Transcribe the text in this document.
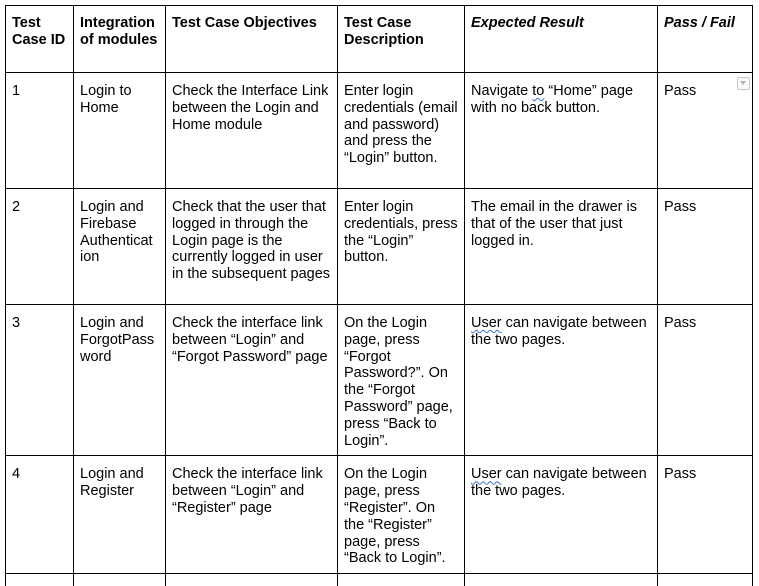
Test Case ID	Integration of modules	Test Case Objectives	Test Case Description	Expected Result	Pass / Fail
1	Login to Home	Check the Interface Link between the Login and Home module	Enter login credentials (email and password) and press the “Login” button.	Navigate to “Home” page with no back button.	Pass

2	Login and Firebase Authenticat ion	Check that the user that logged in through the Login page is the currently logged in user in the subsequent pages	Enter login credentials, press the “Login” button.	The email in the drawer is that of the user that just logged in.	Pass
3	Login and ForgotPass word	Check the interface link between “Login” and “Forgot Password” page	On the Login page, press “Forgot Password?”. On the “Forgot Password” page, press “Back to Login”.	User can navigate between the two pages.	Pass
4	Login and Register	Check the interface link between “Login” and “Register” page	On the Login page, press “Register”. On the “Register” page, press “Back to Login”.	User can navigate between the two pages.	Pass
